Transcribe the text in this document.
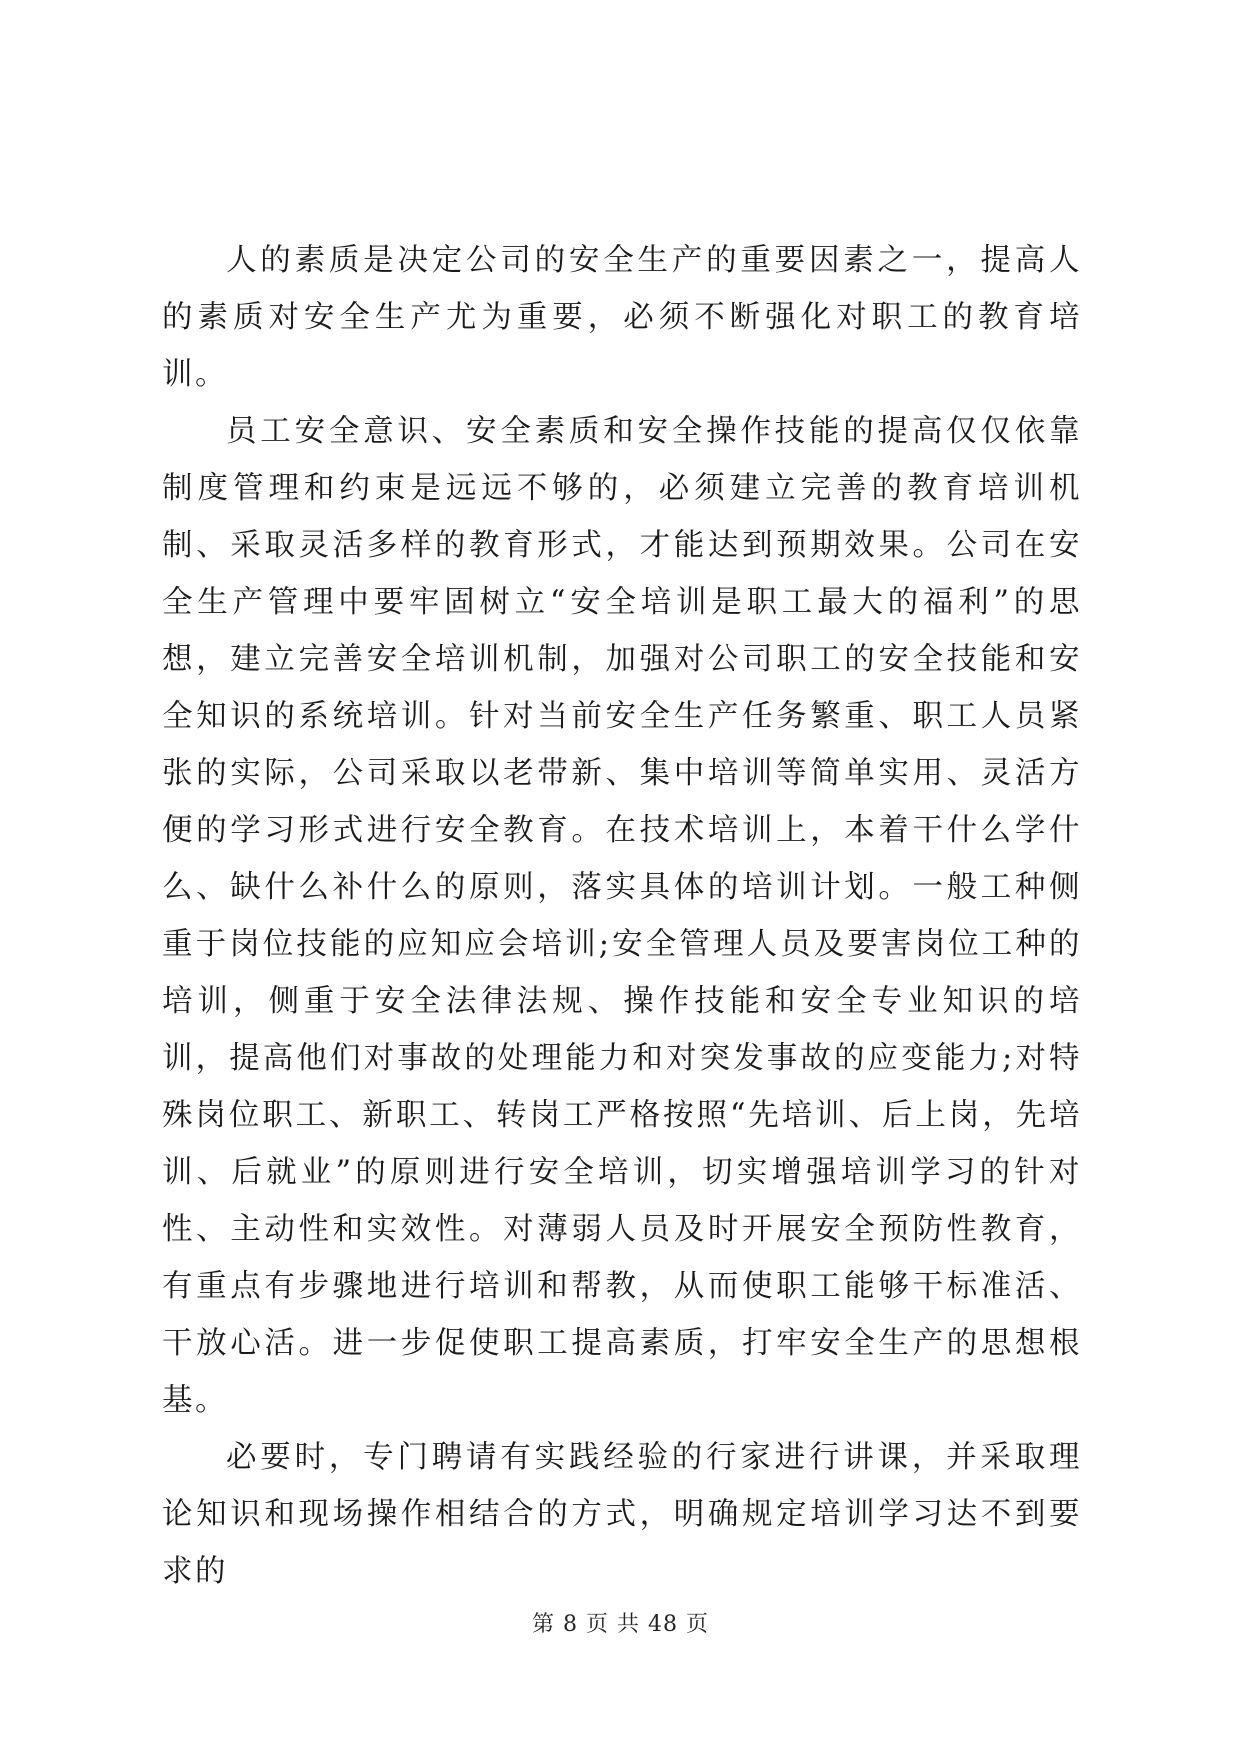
人的素质是决定公司的安全生产的重要因素之一，提高人的素质对安全生产尤为重要，必须不断强化对职工的教育培训。

员工安全意识、安全素质和安全操作技能的提高仅仅依靠制度管理和约束是远远不够的，必须建立完善的教育培训机制、采取灵活多样的教育形式，才能达到预期效果。公司在安全生产管理中要牢固树立“安全培训是职工最大的福利”的思想，建立完善安全培训机制，加强对公司职工的安全技能和安全知识的系统培训。针对当前安全生产任务繁重、职工人员紧张的实际，公司采取以老带新、集中培训等简单实用、灵活方便的学习形式进行安全教育。在技术培训上，本着干什么学什么、缺什么补什么的原则，落实具体的培训计划。一般工种侧重于岗位技能的应知应会培训;安全管理人员及要害岗位工种的培训，侧重于安全法律法规、操作技能和安全专业知识的培训，提高他们对事故的处理能力和对突发事故的应变能力;对特殊岗位职工、新职工、转岗工严格按照“先培训、后上岗，先培训、后就业”的原则进行安全培训，切实增强培训学习的针对性、主动性和实效性。对薄弱人员及时开展安全预防性教育，有重点有步骤地进行培训和帮教，从而使职工能够干标准活、干放心活。进一步促使职工提高素质，打牢安全生产的思想根基。

必要时，专门聘请有实践经验的行家进行讲课，并采取理论知识和现场操作相结合的方式，明确规定培训学习达不到要求的

第 8 页 共 48 页
